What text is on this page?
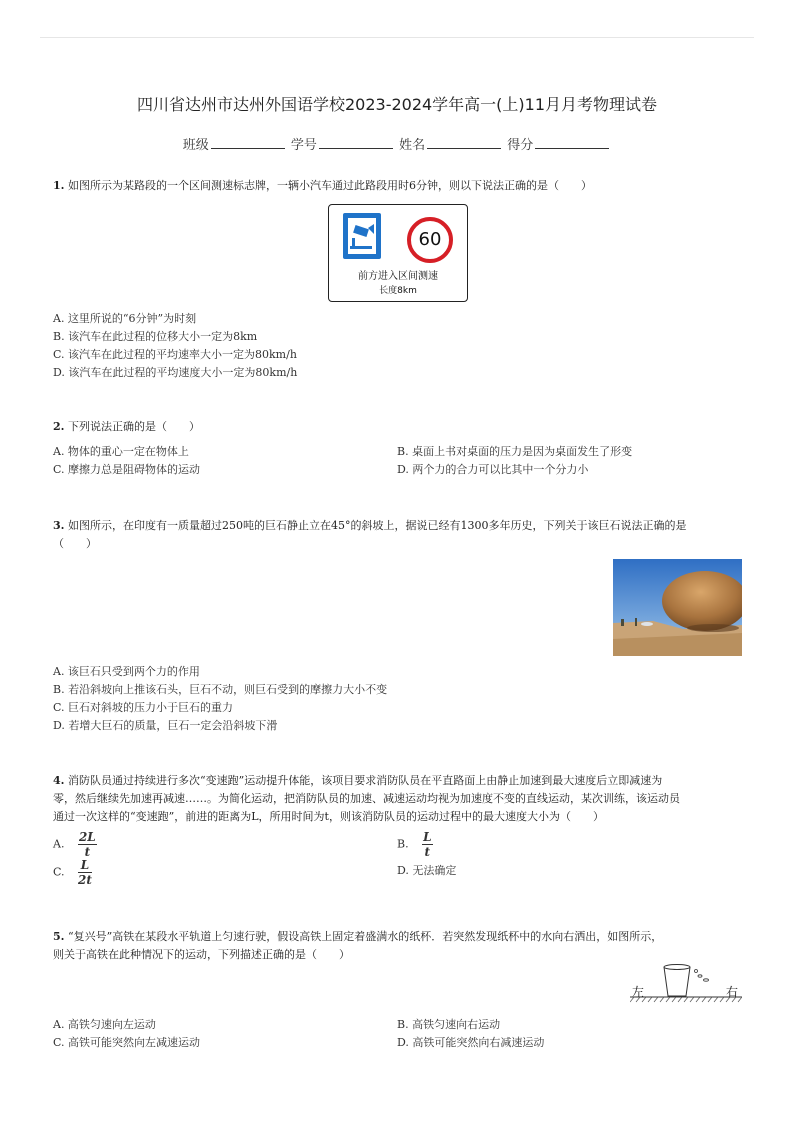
四川省达州市达州外国语学校2023-2024学年高一(上)11月月考物理试卷
班级	学号	姓名	得分
1. 如图所示为某路段的一个区间测速标志牌，一辆小汽车通过此路段用时6分钟，则以下说法正确的是（　　）
60
前方进入区间测速
长度8km
A. 这里所说的“6分钟”为时刻
B. 该汽车在此过程的位移大小一定为8km
C. 该汽车在此过程的平均速率大小一定为80km/h
D. 该汽车在此过程的平均速度大小一定为80km/h
2. 下列说法正确的是（　　）
A. 物体的重心一定在物体上	B. 桌面上书对桌面的压力是因为桌面发生了形变
C. 摩擦力总是阻碍物体的运动	D. 两个力的合力可以比其中一个分力小
3. 如图所示，在印度有一质量超过250吨的巨石静止立在45°的斜坡上，据说已经有1300多年历史，下列关于该巨石说法正确的是
（　　）
A. 该巨石只受到两个力的作用
B. 若沿斜坡向上推该石头，巨石不动，则巨石受到的摩擦力大小不变
C. 巨石对斜坡的压力小于巨石的重力
D. 若增大巨石的质量，巨石一定会沿斜坡下滑
4. 消防队员通过持续进行多次“变速跑”运动提升体能，该项目要求消防队员在平直路面上由静止加速到最大速度后立即减速为
零，然后继续先加速再减速……。为简化运动，把消防队员的加速、减速运动均视为加速度不变的直线运动，某次训练，该运动员
通过一次这样的“变速跑”，前进的距离为L，所用时间为t，则该消防队员的运动过程中的最大速度大小为（　　）
A. $\frac{2L}{t}$	B. $\frac{L}{t}$
C. $\frac{L}{2t}$	D. 无法确定
5. “复兴号”高铁在某段水平轨道上匀速行驶，假设高铁上固定着盛满水的纸杯．若突然发现纸杯中的水向右洒出，如图所示，
则关于高铁在此种情况下的运动，下列描述正确的是（　　）
左	右
A. 高铁匀速向左运动	B. 高铁匀速向右运动
C. 高铁可能突然向左减速运动	D. 高铁可能突然向右减速运动
